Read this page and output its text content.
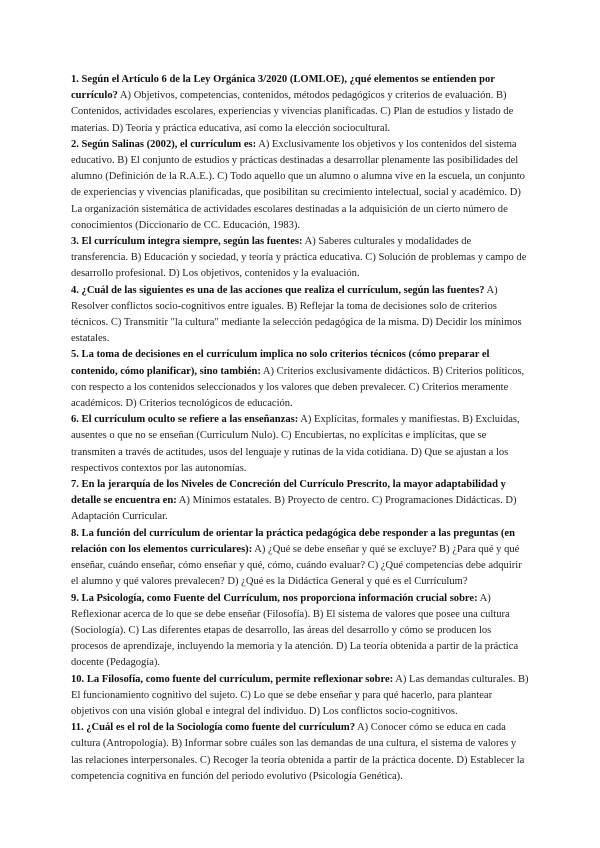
1. Según el Artículo 6 de la Ley Orgánica 3/2020 (LOMLOE), ¿qué elementos se entienden por currículo? A) Objetivos, competencias, contenidos, métodos pedagógicos y criterios de evaluación. B) Contenidos, actividades escolares, experiencias y vivencias planificadas. C) Plan de estudios y listado de materias. D) Teoría y práctica educativa, así como la elección sociocultural.

2. Según Salinas (2002), el currículum es: A) Exclusivamente los objetivos y los contenidos del sistema educativo. B) El conjunto de estudios y prácticas destinadas a desarrollar plenamente las posibilidades del alumno (Definición de la R.A.E.). C) Todo aquello que un alumno o alumna vive en la escuela, un conjunto de experiencias y vivencias planificadas, que posibilitan su crecimiento intelectual, social y académico. D) La organización sistemática de actividades escolares destinadas a la adquisición de un cierto número de conocimientos (Diccionario de CC. Educación, 1983).

3. El currículum integra siempre, según las fuentes: A) Saberes culturales y modalidades de transferencia. B) Educación y sociedad, y teoría y práctica educativa. C) Solución de problemas y campo de desarrollo profesional. D) Los objetivos, contenidos y la evaluación.

4. ¿Cuál de las siguientes es una de las acciones que realiza el currículum, según las fuentes? A) Resolver conflictos socio-cognitivos entre iguales. B) Reflejar la toma de decisiones solo de criterios técnicos. C) Transmitir "la cultura" mediante la selección pedagógica de la misma. D) Decidir los mínimos estatales.

5. La toma de decisiones en el currículum implica no solo criterios técnicos (cómo preparar el contenido, cómo planificar), sino también: A) Criterios exclusivamente didácticos. B) Criterios políticos, con respecto a los contenidos seleccionados y los valores que deben prevalecer. C) Criterios meramente académicos. D) Criterios tecnológicos de educación.

6. El currículum oculto se refiere a las enseñanzas: A) Explícitas, formales y manifiestas. B) Excluidas, ausentes o que no se enseñan (Curriculum Nulo). C) Encubiertas, no explícitas e implícitas, que se transmiten a través de actitudes, usos del lenguaje y rutinas de la vida cotidiana. D) Que se ajustan a los respectivos contextos por las autonomías.

7. En la jerarquía de los Niveles de Concreción del Currículo Prescrito, la mayor adaptabilidad y detalle se encuentra en: A) Mínimos estatales. B) Proyecto de centro. C) Programaciones Didácticas. D) Adaptación Curricular.

8. La función del currículum de orientar la práctica pedagógica debe responder a las preguntas (en relación con los elementos curriculares): A) ¿Qué se debe enseñar y qué se excluye? B) ¿Para qué y qué enseñar, cuándo enseñar, cómo enseñar y qué, cómo, cuándo evaluar? C) ¿Qué competencias debe adquirir el alumno y qué valores prevalecen? D) ¿Qué es la Didáctica General y qué es el Currículum?

9. La Psicología, como Fuente del Currículum, nos proporciona información crucial sobre: A) Reflexionar acerca de lo que se debe enseñar (Filosofía). B) El sistema de valores que posee una cultura (Sociología). C) Las diferentes etapas de desarrollo, las áreas del desarrollo y cómo se producen los procesos de aprendizaje, incluyendo la memoria y la atención. D) La teoría obtenida a partir de la práctica docente (Pedagogía).

10. La Filosofía, como fuente del currículum, permite reflexionar sobre: A) Las demandas culturales. B) El funcionamiento cognitivo del sujeto. C) Lo que se debe enseñar y para qué hacerlo, para plantear objetivos con una visión global e integral del individuo. D) Los conflictos socio-cognitivos.

11. ¿Cuál es el rol de la Sociología como fuente del currículum? A) Conocer cómo se educa en cada cultura (Antropología). B) Informar sobre cuáles son las demandas de una cultura, el sistema de valores y las relaciones interpersonales. C) Recoger la teoría obtenida a partir de la práctica docente. D) Establecer la competencia cognitiva en función del periodo evolutivo (Psicología Genética).
